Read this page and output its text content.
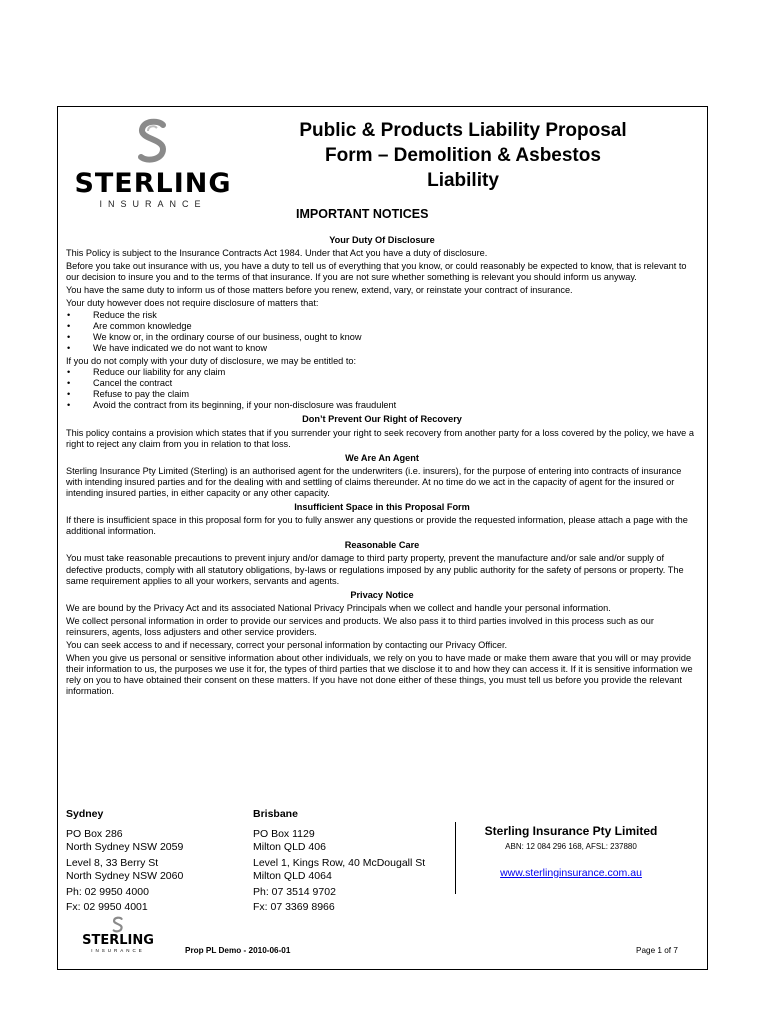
STERLING
INSURANCE
Public & Products Liability Proposal
Form – Demolition & Asbestos
Liability
IMPORTANT NOTICES
Your Duty Of Disclosure

This Policy is subject to the Insurance Contracts Act 1984. Under that Act you have a duty of disclosure.

Before you take out insurance with us, you have a duty to tell us of everything that you know, or could reasonably be expected to know, that is relevant to our decision to insure you and to the terms of that insurance. If you are not sure whether something is relevant you should inform us anyway.

You have the same duty to inform us of those matters before you renew, extend, vary, or reinstate your contract of insurance.

Your duty however does not require disclosure of matters that:

• Reduce the risk
• Are common knowledge
• We know or, in the ordinary course of our business, ought to know
• We have indicated we do not want to know

If you do not comply with your duty of disclosure, we may be entitled to:

• Reduce our liability for any claim
• Cancel the contract
• Refuse to pay the claim
• Avoid the contract from its beginning, if your non-disclosure was fraudulent
Don’t Prevent Our Right of Recovery

This policy contains a provision which states that if you surrender your right to seek recovery from another party for a loss covered by the policy, we have a right to reject any claim from you in relation to that loss.

We Are An Agent

Sterling Insurance Pty Limited (Sterling) is an authorised agent for the underwriters (i.e. insurers), for the purpose of entering into contracts of insurance with intending insured parties and for the dealing with and settling of claims thereunder. At no time do we act in the capacity of agent for the insured or intending insured parties, in either capacity or any other capacity.

Insufficient Space in this Proposal Form

If there is insufficient space in this proposal form for you to fully answer any questions or provide the requested information, please attach a page with the additional information.

Reasonable Care

You must take reasonable precautions to prevent injury and/or damage to third party property, prevent the manufacture and/or sale and/or supply of defective products, comply with all statutory obligations, by-laws or regulations imposed by any public authority for the safety of persons or property. The same requirement applies to all your workers, servants and agents.

Privacy Notice

We are bound by the Privacy Act and its associated National Privacy Principals when we collect and handle your personal information.

We collect personal information in order to provide our services and products. We also pass it to third parties involved in this process such as our reinsurers, agents, loss adjusters and other service providers.

You can seek access to and if necessary, correct your personal information by contacting our Privacy Officer.

When you give us personal or sensitive information about other individuals, we rely on you to have made or make them aware that you will or may provide their information to us, the purposes we use it for, the types of third parties that we disclose it to and how they can access it. If it is sensitive information we rely on you to have obtained their consent on these matters. If you have not done either of these things, you must tell us before you provide the relevant information.

Sydney
PO Box 286
North Sydney NSW 2059
Level 8, 33 Berry St
North Sydney NSW 2060
Ph: 02 9950 4000
Fx: 02 9950 4001
Brisbane
PO Box 1129
Milton QLD 406
Level 1, Kings Row, 40 McDougall St
Milton QLD 4064
Ph: 07 3514 9702
Fx: 07 3369 8966
Sterling Insurance Pty Limited
ABN: 12 084 296 168, AFSL: 237880
www.sterlinginsurance.com.au
STERLING
INSURANCE	Prop PL Demo - 2010-06-01	Page 1 of 7
